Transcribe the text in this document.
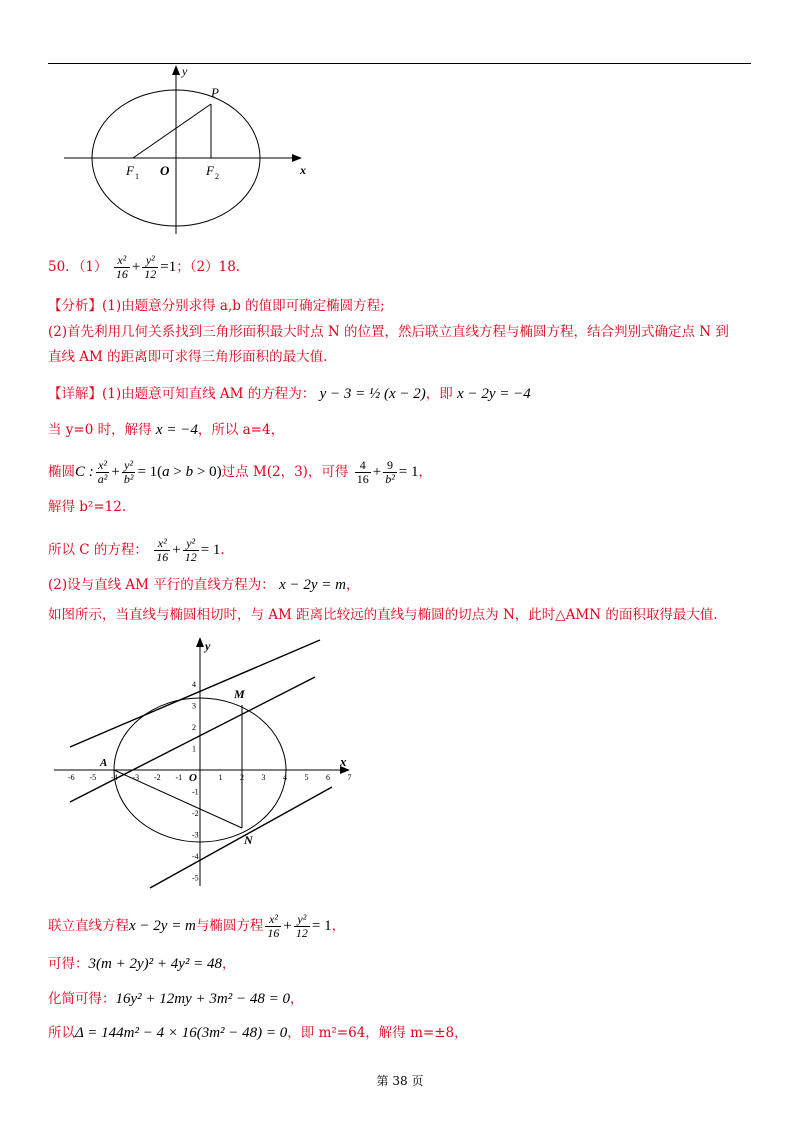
y
P
F 1 O	F 2	x
50．$(1) \frac{\text{x²}}{16} + \frac{\text{y²}}{12} =1$；（2）18.
【分析】(1)由题意分别求得 a,b 的值即可确定椭圆方程;
(2)首先利用几何关系找到三角形面积最大时点 N 的位置，然后联立直线方程与椭圆方程，结合判别式确定点 N 到
直线 AM 的距离即可求得三角形面积的最大值.
【详解】(1)由题意可知直线 AM 的方程为： y − 3 = ½ (x − 2)，即 x − 2y = −4
当 y=0 时，解得 x = −4，所以 a=4，
椭圆C : $\frac{\text{x²}}{\text{a²}} + \frac{\text{y²}}{\text{b²}} = 1(a > b > 0)$过点 M(2，3)，可得 $\frac{4}{16} + \frac{9}{\text{b²}} = 1$，
解得 b²=12.
所以 C 的方程： $\frac{\text{x²}}{16} + \frac{\text{y²}}{12} = 1$.
(2)设与直线 AM 平行的直线方程为： x − 2y = m，
如图所示，当直线与椭圆相切时，与 AM 距离比较远的直线与椭圆的切点为 N，此时△AMN 的面积取得最大值.
-6 -5 -4 -3 -2 -1	1 2 3 4 5 6 7
4
3
2
1
-1
-2
-3
-4
-5
y
x
M
N
A
O
联立直线方程x − 2y = m与椭圆方程 $\frac{\text{x²}}{16} + \frac{\text{y²}}{12} = 1$，
可得：3(m + 2y)² + 4y² = 48，
化简可得：16y² + 12my + 3m² − 48 = 0，
所以Δ = 144m² − 4 × 16(3m² − 48) = 0，即 m²=64，解得 m=±8，
第 38 页
